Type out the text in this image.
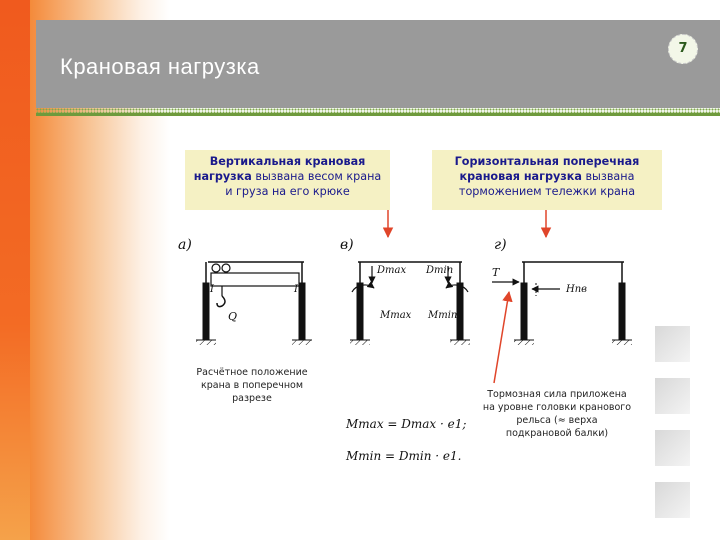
Крановая нагрузка
7
Вертикальная крановая нагрузка вызвана весом крана и груза на его крюке
Горизонтальная поперечная крановая нагрузка вызвана торможением тележки крана
а)	в)	г)
Q
I	I
Dmax Dmin
Mmax Mmin
T
Hпв
Mmax = Dmax · e1;
Mmin = Dmin · e1.
Расчётное положение крана в поперечном разрезе	Тормозная сила приложена на уровне головки кранового рельса (≈ верха подкрановой балки)
